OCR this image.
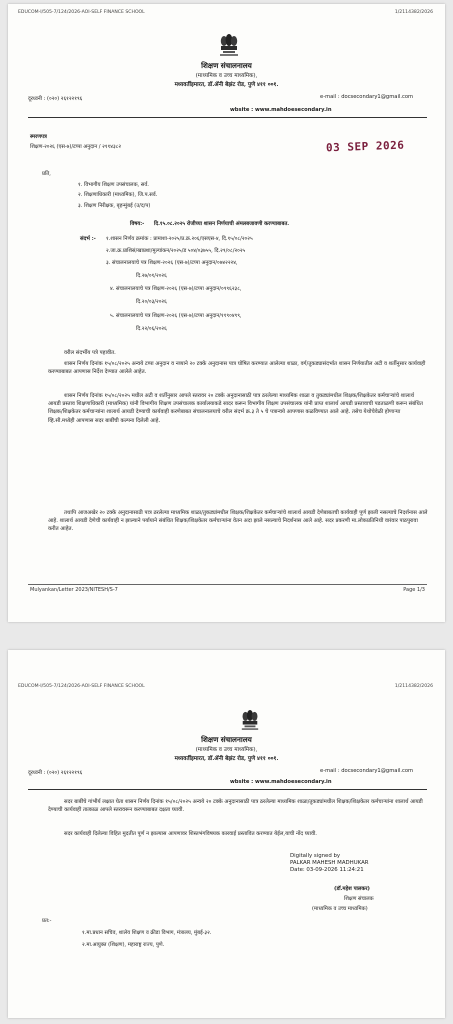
EDUCOM-I/505-7/124/2026-AOI-SELF FINANCE SCHOOL	1/2114382/2026
शिक्षण संचालनालय
(माध्यमिक व उच्च माध्यमिक),
मध्यवर्तीइमारत, डॉ.ॲनी बेझंट रोड, पुणे ४११ ००१.
दूरध्वनी : (०२०) २६१२२१९६	e-mail : docsecondary1@gmail.com
wbsite : www.mahdoesecondary.in
स्मरणपत्र
शिक्षण-२०२६ (एस-७)/टप्पा अनुदान / २११४३८२	03 SEP 2026
प्रति,
१. विभागीय शिक्षण उपसंचालक, सर्व.
२. शिक्षणाधिकारी (माध्यमिक), जि.प.सर्व.
३. शिक्षण निरीक्षक, बृहन्मुंबई (उ/द/प)
विषय:- दि.१५.०८.२०२५ रोजीच्या शासन निर्णयाची अंमलबजावणी करण्याबाबत.
संदर्भ :- १.शासन निर्णय क्रमांक : प्रामाशा-२०२५/प्र.क्र.२०६/एसएस-४, दि.१५/०८/२०२५
२.जा.क्र.प्राशिसं/खाप्रशा/मुल्यांकन/२०२५/ड ५०४/०३७५५, दि.२९/०८/२०२५
३. संचालनालयाचे पत्र शिक्षण-२०२६ (एस-७)/टप्पा अनुदान/०७४२२२४,
दि.२७/०१/२०२६
४. संचालनालयाचे पत्र शिक्षण-२०२६ (एस-७)/टप्पा अनुदान/०९९६२३८,
दि.२०/०३/२०२६
५. संचालनालयाचे पत्र शिक्षण-२०२६ (एस-७)/टप्पा अनुदान/११९०४९९,
दि.२२/०६/२०२६
वरील संदर्भीय पत्रे पहावीत.
शासन निर्णय दिनांक १५/०८/२०२५ अन्वये टप्पा अनुदान व नव्याने २० टक्के अनुदानास पात्र घोषित करण्यात आलेल्या शाळा, वर्ग/तुकड्यासंदर्भात शासन निर्णयातील अटी व शर्तीनुसार कार्यवाही करण्याबाबत आपणास निर्देश देण्यात आलेले आहेत.
शासन निर्णय दिनांक १५/०८/२०२५ मधील अटी व शर्तीनुसार आपले स्तरावर २० टक्के अनुदानासाठी पात्र ठरलेल्या माध्यमिक शाळा व तुकड्यांमधील शिक्षक/शिक्षकेतर कर्मचाऱ्यांचे शालार्थ आयडी प्रस्ताव शिक्षणाधिकारी (माध्यमिक) यांनी विभागीय शिक्षण उपसंचालक कार्यालयाकडे सादर करून विभागीय शिक्षण उपसंचालक यांनी प्राप्त शालार्थ आयडी प्रस्तावाची पडताळणी करून संबंधित शिक्षक/शिक्षकेतर कर्मचाऱ्यांना शालार्थ आयडी देण्याची कार्यवाही करणेबाबत संचालनालयाचे वरील संदर्भ क्र.३ ते ५ चे पत्रान्वये आपणास कळविण्यात आले आहे. तसेच येथोचेवेळी होणाऱ्या व्हि.सी.मध्येही आपणास सदर बाबींची कल्पना दिलेली आहे.
तथापि आजअखेर २० टक्के अनुदानासाठी पात्र ठरलेल्या माध्यमिक शाळा/तुकड्यांमधील शिक्षक/शिक्षकेतर कर्मचाऱ्यांचे शालार्थ आयडी देणेबाबतची कार्यवाही पूर्ण झाली नसल्याचे निदर्शनास आले आहे. शालार्थ आयडी देणेची कार्यवाही न झाल्याने पर्यायाने संबंधित शिक्षक/शिक्षकेतर कर्मचाऱ्यांना वेतन अदा झाले नसल्याचे निदर्शनास आले आहे. सदर प्रकरणी मा.लोकप्रतिनिधी वारंवार पाठपुरावा करीत आहेत.
Mulyankan/Letter 2023/NITESH/S-7	Page 1/3
EDUCOM-I/505-7/124/2026-AOI-SELF FINANCE SCHOOL	1/2114382/2026
शिक्षण संचालनालय
(माध्यमिक व उच्च माध्यमिक),
मध्यवर्तीइमारत, डॉ.ॲनी बेझंट रोड, पुणे ४११ ००१.
दूरध्वनी : (०२०) २६१२२१९६	e-mail : docsecondary1@gmail.com
wbsite : www.mahdoesecondary.in
सदर बाबींचे गांभीर्य लक्षात घेता शासन निर्णय दिनांक १५/०८/२०२५ अन्वये २० टक्के अनुदानासाठी पात्र ठरलेल्या माध्यमिक शाळा/तुकड्यांमधील शिक्षक/शिक्षकेतर कर्मचाऱ्यांना शालार्थ आयडी देण्याची कार्यवाही तात्काळ आपले स्तरावरून करण्याबाबत दक्षता घ्यावी.
सदर कार्यवाही दिलेल्या विहित मुदतीत पूर्ण न झाल्यास आपणावर शिस्तभंगविषयक कारवाई प्रस्तावित करण्यात येईल,याची नोंद घ्यावी.
Digitally signed by
PALKAR MAHESH MADHUKAR
Date: 03-09-2026 11:24:21
(डॉ.महेश पालकर)
शिक्षण संचालक
(माध्यमिक व उच्च माध्यमिक)
प्रत:-
१.मा.प्रधान सचिव, शालेय शिक्षण व क्रीडा विभाग, मंत्रालय, मुंबई-३२.
२.मा.आयुक्त (शिक्षण), महाराष्ट्र राज्य, पुणे.
